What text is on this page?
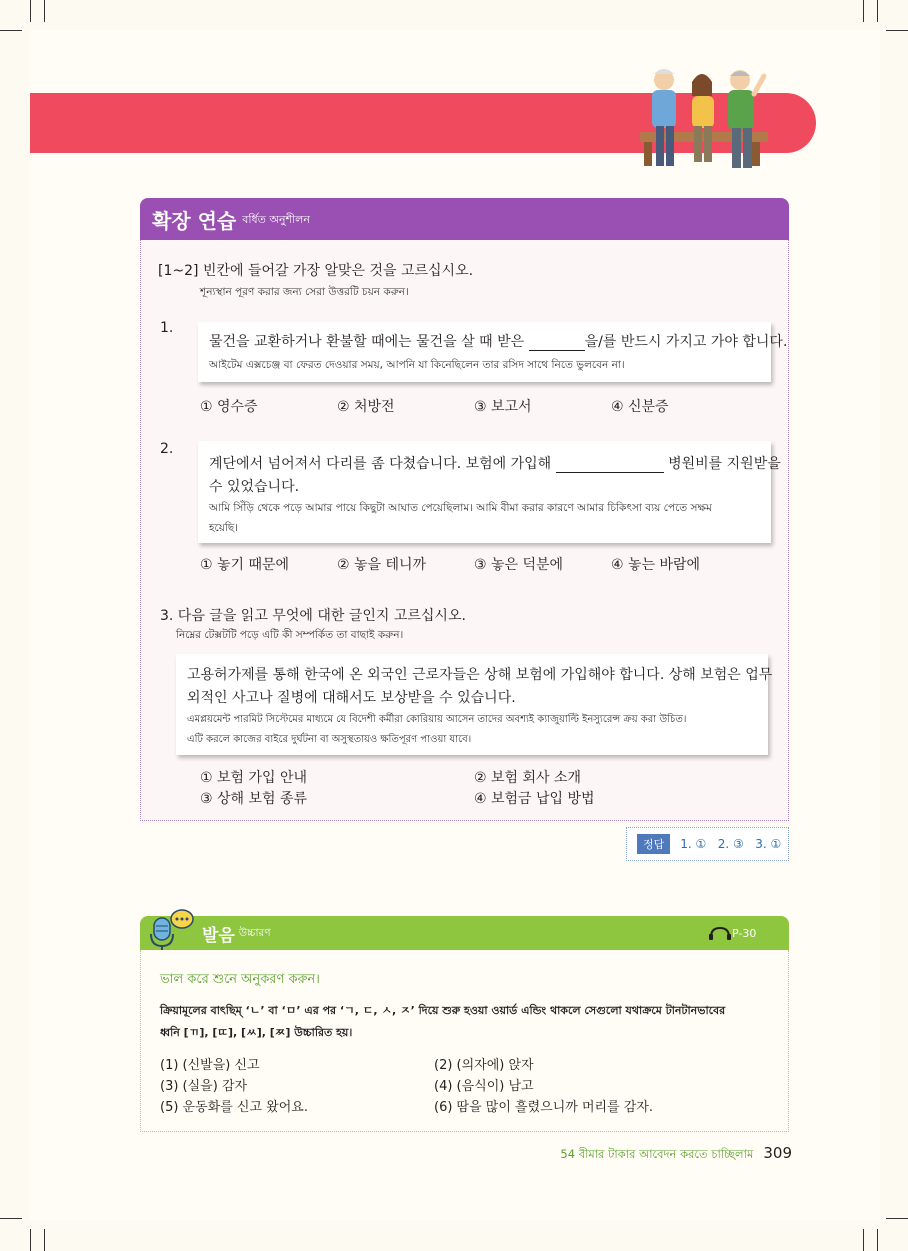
확장 연습 বর্ধিত অনুশীলন
[1~2] 빈칸에 들어갈 가장 알맞은 것을 고르십시오.
শূন্যস্থান পূরণ করার জন্য সেরা উত্তরটি চয়ন করুন।
1.
물건을 교환하거나 환불할 때에는 물건을 살 때 받은	을/를 반드시 가지고 가야 합니다.
আইটেম এক্সচেঞ্জ বা ফেরত দেওয়ার সময়, আপনি যা কিনেছিলেন তার রসিদ সাথে নিতে ভুলবেন না।
① 영수증	② 처방전	③ 보고서	④ 신분증
2.
계단에서 넘어져서 다리를 좀 다쳤습니다. 보험에 가입해	병원비를 지원받을
수 있었습니다.
আমি সিঁড়ি থেকে পড়ে আমার পায়ে কিছুটা আঘাত পেয়েছিলাম। আমি বীমা করার কারণে আমার চিকিৎসা ব্যয় পেতে সক্ষম
হয়েছি।
① 놓기 때문에	② 놓을 테니까	③ 놓은 덕분에	④ 놓는 바람에
3. 다음 글을 읽고 무엇에 대한 글인지 고르십시오.
নিম্নের টেক্সটটি পড়ে এটি কী সম্পর্কিত তা বাছাই করুন।
고용허가제를 통해 한국에 온 외국인 근로자들은 상해 보험에 가입해야 합니다. 상해 보험은 업무
외적인 사고나 질병에 대해서도 보상받을 수 있습니다.
এমপ্লয়মেন্ট পারমিট সিস্টেমের মাধ্যমে যে বিদেশী কর্মীরা কোরিয়ায় আসেন তাদের অবশ্যই ক্যাজুয়াল্টি ইনস্যুরেন্স ক্রয় করা উচিত।
এটি করলে কাজের বাইরে দুর্ঘটনা বা অসুস্থতায়ও ক্ষতিপূরণ পাওয়া যাবে।
① 보험 가입 안내	② 보험 회사 소개
③ 상해 보험 종류	④ 보험금 납입 방법
정답	1. ①   2. ③   3. ①
발음 উচ্চারণ	P-30
ভাল করে শুনে অনুকরণ করুন।
ক্রিয়ামূলের বাৎছিম্‌ ‘ㄴ’ বা ‘ㅁ’ এর পর ‘ㄱ, ㄷ, ㅅ, ㅈ’ দিয়ে শুরু হওয়া ওয়ার্ড এন্ডিং থাকলে সেগুলো যথাক্রমে টানটানভাবের
ধ্বনি [ㄲ], [ㄸ], [ㅆ], [ㅉ] উচ্চারিত হয়।
(1) (신발을) 신고	(2) (의자에) 앉자
(3) (실을) 감자	(4) (음식이) 남고
(5) 운동화를 신고 왔어요.	(6) 땀을 많이 흘렸으니까 머리를 감자.
54 বীমার টাকার আবেদন করতে চাচ্ছিলাম 309
